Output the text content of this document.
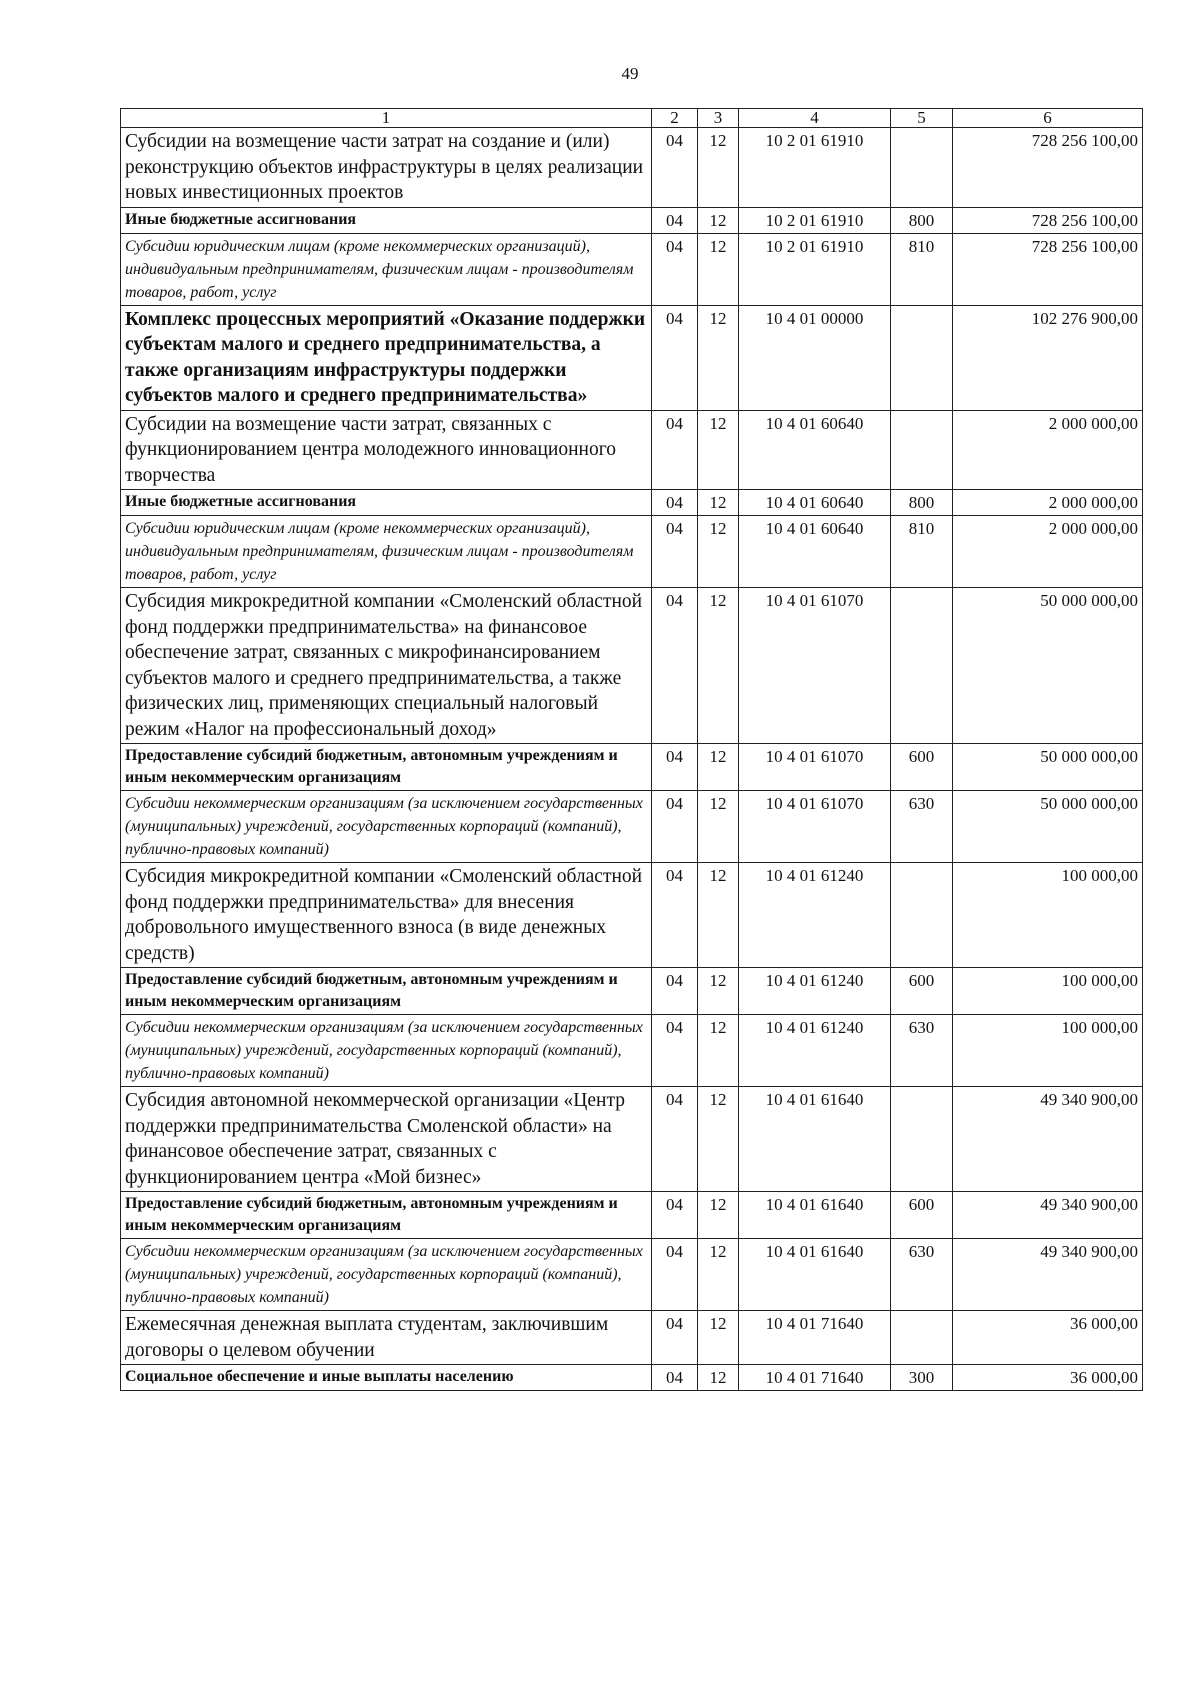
49
1	2	3	4	5	6
Субсидии на возмещение части затрат на создание и (или) реконструкцию объектов инфраструктуры в целях реализации новых инвестиционных проектов	04	12	10 2 01 61910		728 256 100,00
Иные бюджетные ассигнования	04	12	10 2 01 61910	800	728 256 100,00
Субсидии юридическим лицам (кроме некоммерческих организаций), индивидуальным предпринимателям, физическим лицам - производителям товаров, работ, услуг	04	12	10 2 01 61910	810	728 256 100,00
Комплекс процессных мероприятий «Оказание поддержки субъектам малого и среднего предпринимательства, а также организациям инфраструктуры поддержки субъектов малого и среднего предпринимательства»	04	12	10 4 01 00000		102 276 900,00
Субсидии на возмещение части затрат, связанных с функционированием центра молодежного инновационного творчества	04	12	10 4 01 60640		2 000 000,00
Иные бюджетные ассигнования	04	12	10 4 01 60640	800	2 000 000,00
Субсидии юридическим лицам (кроме некоммерческих организаций), индивидуальным предпринимателям, физическим лицам - производителям товаров, работ, услуг	04	12	10 4 01 60640	810	2 000 000,00
Субсидия микрокредитной компании «Смоленский областной фонд поддержки предпринимательства» на финансовое обеспечение затрат, связанных с микрофинансированием субъектов малого и среднего предпринимательства, а также физических лиц, применяющих специальный налоговый режим «Налог на профессиональный доход»	04	12	10 4 01 61070		50 000 000,00
Предоставление субсидий бюджетным, автономным учреждениям и иным некоммерческим организациям	04	12	10 4 01 61070	600	50 000 000,00
Субсидии некоммерческим организациям (за исключением государственных (муниципальных) учреждений, государственных корпораций (компаний), публично-правовых компаний)	04	12	10 4 01 61070	630	50 000 000,00
Субсидия микрокредитной компании «Смоленский областной фонд поддержки предпринимательства» для внесения добровольного имущественного взноса (в виде денежных средств)	04	12	10 4 01 61240		100 000,00
Предоставление субсидий бюджетным, автономным учреждениям и иным некоммерческим организациям	04	12	10 4 01 61240	600	100 000,00
Субсидии некоммерческим организациям (за исключением государственных (муниципальных) учреждений, государственных корпораций (компаний), публично-правовых компаний)	04	12	10 4 01 61240	630	100 000,00
Субсидия автономной некоммерческой организации «Центр поддержки предпринимательства Смоленской области» на финансовое обеспечение затрат, связанных с функционированием центра «Мой бизнес»	04	12	10 4 01 61640		49 340 900,00
Предоставление субсидий бюджетным, автономным учреждениям и иным некоммерческим организациям	04	12	10 4 01 61640	600	49 340 900,00
Субсидии некоммерческим организациям (за исключением государственных (муниципальных) учреждений, государственных корпораций (компаний), публично-правовых компаний)	04	12	10 4 01 61640	630	49 340 900,00
Ежемесячная денежная выплата студентам, заключившим договоры о целевом обучении	04	12	10 4 01 71640		36 000,00
Социальное обеспечение и иные выплаты населению	04	12	10 4 01 71640	300	36 000,00
